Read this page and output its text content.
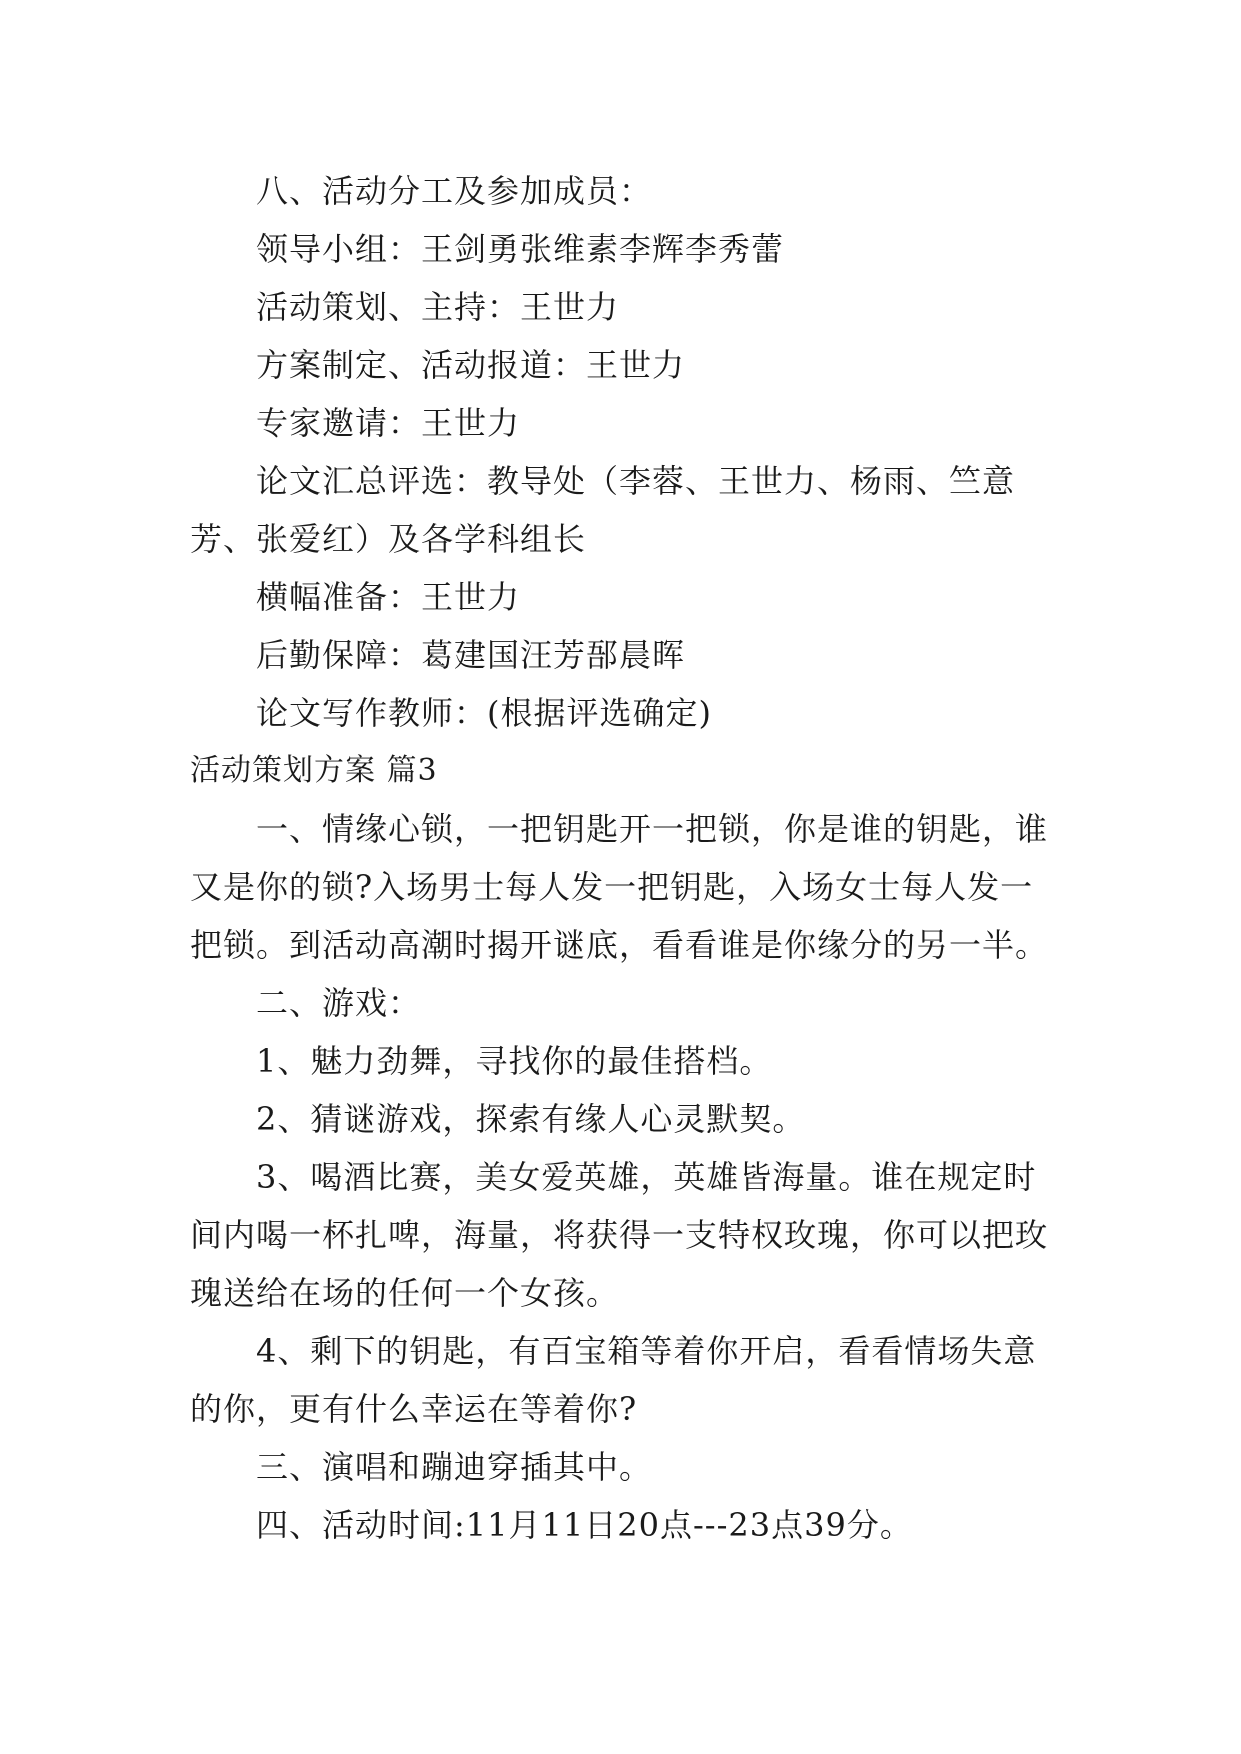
八、活动分工及参加成员：

领导小组：王剑勇张维素李辉李秀蕾

活动策划、主持：王世力

方案制定、活动报道：王世力

专家邀请：王世力

论文汇总评选：教导处（李蓉、王世力、杨雨、竺意芳、张爱红）及各学科组长

横幅准备：王世力

后勤保障：葛建国汪芳郚晨晖

论文写作教师：(根据评选确定)

活动策划方案 篇3

一、情缘心锁，一把钥匙开一把锁，你是谁的钥匙，谁又是你的锁?入场男士每人发一把钥匙，入场女士每人发一把锁。到活动高潮时揭开谜底，看看谁是你缘分的另一半。

二、游戏：

1、魅力劲舞，寻找你的最佳搭档。

2、猜谜游戏，探索有缘人心灵默契。

3、喝酒比赛，美女爱英雄，英雄皆海量。谁在规定时间内喝一杯扎啤，海量，将获得一支特权玫瑰，你可以把玫瑰送给在场的任何一个女孩。

4、剩下的钥匙，有百宝箱等着你开启，看看情场失意的你，更有什么幸运在等着你?

三、演唱和蹦迪穿插其中。

四、活动时间:11月11日20点---23点39分。
